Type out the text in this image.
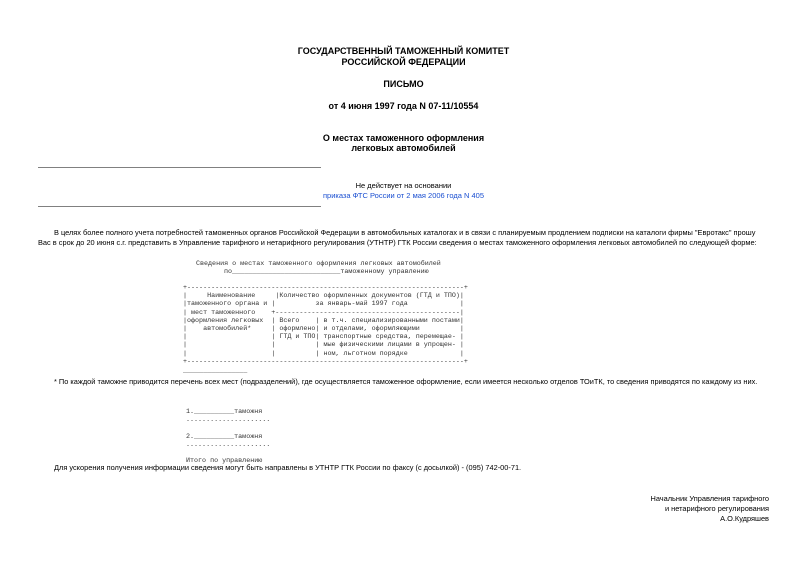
ГОСУДАРСТВЕННЫЙ ТАМОЖЕННЫЙ КОМИТЕТ
РОССИЙСКОЙ ФЕДЕРАЦИИ
ПИСЬМО
от 4 июня 1997 года N 07-11/10554
О местах таможенного оформления
легковых автомобилей
Не действует на основании
приказа ФТС России от 2 мая 2006 года N 405
В целях более полного учета потребностей таможенных органов Российской Федерации в автомобильных каталогах и в связи с планируемым продлением подписки на каталоги фирмы "Евротакс" прошу Вас в срок до 20 июня с.г. представить в Управление тарифного и нетарифного регулирования (УТНТР) ГТК России сведения о местах таможенного оформления легковых автомобилей по следующей форме:
Сведения о местах таможенного оформления легковых автомобилей
по___________________________таможенному управлению
+---------------------------------------------------------------------+
|     Наименование     |Количество оформленных документов (ГТД и ТПО)|
|таможенного органа и |          за январь-май 1997 года             |
| мест таможенного    +----------------------------------------------|
|оформления легковых  | Всего    | в т.ч. специализированными постами|
|    автомобилей*     | оформлено| и отделами, оформляющими          |
|                     | ГТД и ТПО| транспортные средства, перемещае- |
|                     |          | мые физическими лицами в упрощен- |
|                     |          | ном, льготном порядке             |
+---------------------------------------------------------------------+
________________
* По каждой таможне приводится перечень всех мест (подразделений), где осуществляется таможенное оформление, если имеется несколько отделов ТОиТК, то сведения приводятся по каждому из них.
1.__________таможня
.....................

2.__________таможня
.....................

Итого по управлению
Для ускорения получения информации сведения могут быть направлены в УТНТР ГТК России по факсу (с досылкой) - (095) 742-00-71.
Начальник Управления тарифного
и нетарифного регулирования
А.О.Кудряшев
